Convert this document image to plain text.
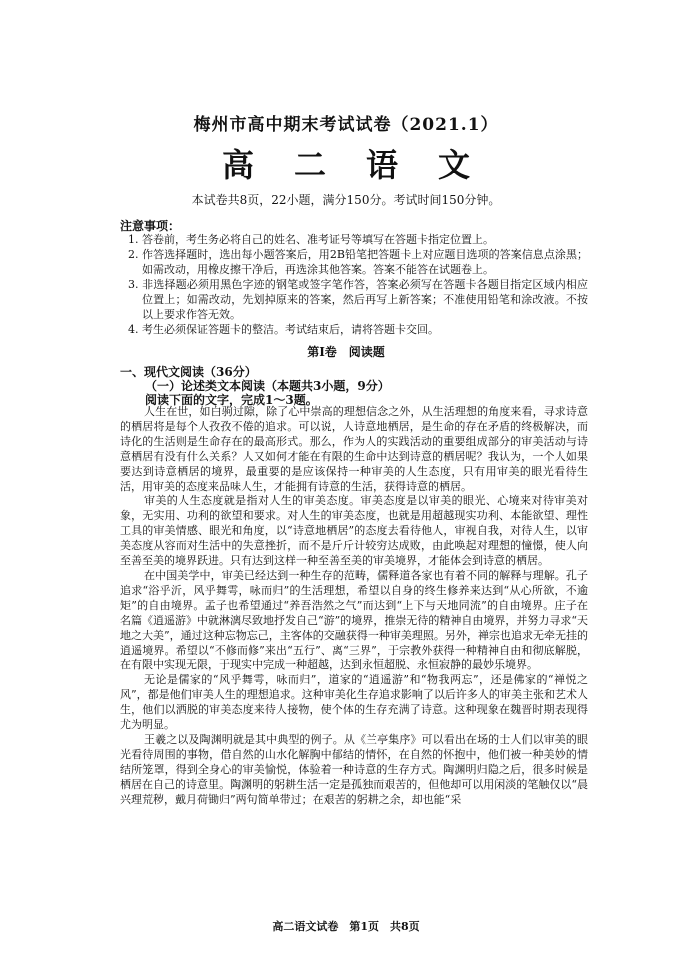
梅州市高中期末考试试卷（2021.1）
高二语文
本试卷共8页，22小题，满分150分。考试时间150分钟。
注意事项：

1. 答卷前，考生务必将自己的姓名、准考证号等填写在答题卡指定位置上。

2. 作答选择题时，选出每小题答案后，用2B铅笔把答题卡上对应题目选项的答案信息点涂黑；如需改动，用橡皮擦干净后，再选涂其他答案。答案不能答在试题卷上。

3. 非选择题必须用黑色字迹的钢笔或签字笔作答，答案必须写在答题卡各题目指定区域内相应位置上；如需改动，先划掉原来的答案，然后再写上新答案；不准使用铅笔和涂改液。不按以上要求作答无效。

4. 考生必须保证答题卡的整洁。考试结束后，请将答题卡交回。

第Ⅰ卷　阅读题
一、现代文阅读（36分）
（一）论述类文本阅读（本题共3小题，9分）
阅读下面的文字，完成1～3题。

人生在世，如白驹过隙，除了心中崇高的理想信念之外，从生活理想的角度来看，寻求诗意的栖居将是每个人孜孜不倦的追求。可以说，人诗意地栖居，是生命的存在矛盾的终极解决，而诗化的生活则是生命存在的最高形式。那么，作为人的实践活动的重要组成部分的审美活动与诗意栖居有没有什么关系？人又如何才能在有限的生命中达到诗意的栖居呢？我认为，一个人如果要达到诗意栖居的境界，最重要的是应该保持一种审美的人生态度，只有用审美的眼光看待生活，用审美的态度来品味人生，才能拥有诗意的生活，获得诗意的栖居。

审美的人生态度就是指对人生的审美态度。审美态度是以审美的眼光、心境来对待审美对象，无实用、功利的欲望和要求。对人生的审美态度，也就是用超越现实功利、本能欲望、理性工具的审美情感、眼光和角度，以“诗意地栖居”的态度去看待他人，审视自我，对待人生，以审美态度从容而对生活中的失意挫折，而不是斤斤计较穷达成败，由此唤起对理想的憧憬，使人向至善至美的境界跃进。只有达到这样一种至善至美的审美境界，才能体会到诗意的栖居。

在中国美学中，审美已经达到一种生存的范畴，儒释道各家也有着不同的解释与理解。孔子追求“浴乎沂，风乎舞雩，咏而归”的生活理想，希望以自身的终生修养来达到“从心所欲，不逾矩”的自由境界。孟子也希望通过“养吾浩然之气”而达到“上下与天地同流”的自由境界。庄子在名篇《逍遥游》中就淋漓尽致地抒发自己“游”的境界，推崇无待的精神自由境界，并努力寻求“天地之大美”，通过这种忘物忘己，主客体的交融获得一种审美理照。另外，禅宗也追求无牵无挂的逍遥境界。希望以“不修而修”来出“五行”、离“三界”，于宗教外获得一种精神自由和彻底解脱，在有限中实现无限，于现实中完成一种超越，达到永恒超脱、永恒寂静的最妙乐境界。

无论是儒家的“风乎舞雩，咏而归”，道家的“逍遥游”和“物我两忘”，还是佛家的“禅悦之风”，都是他们审美人生的理想追求。这种审美化生存追求影响了以后许多人的审美主张和艺术人生，他们以洒脱的审美态度来待人接物，使个体的生存充满了诗意。这种现象在魏晋时期表现得尤为明显。

王羲之以及陶渊明就是其中典型的例子。从《兰亭集序》可以看出在场的士人们以审美的眼光看待周围的事物，借自然的山水化解胸中郁结的情怀，在自然的怀抱中，他们被一种美妙的情结所笼罩，得到全身心的审美愉悦，体验着一种诗意的生存方式。陶渊明归隐之后，很多时候是栖居在自己的诗意里。陶渊明的躬耕生活一定是孤独而艰苦的，但他却可以用闲淡的笔触仅以“晨兴理荒秽，戴月荷锄归”两句简单带过；在艰苦的躬耕之余，却也能“采

高二语文试卷　第1页　共8页
